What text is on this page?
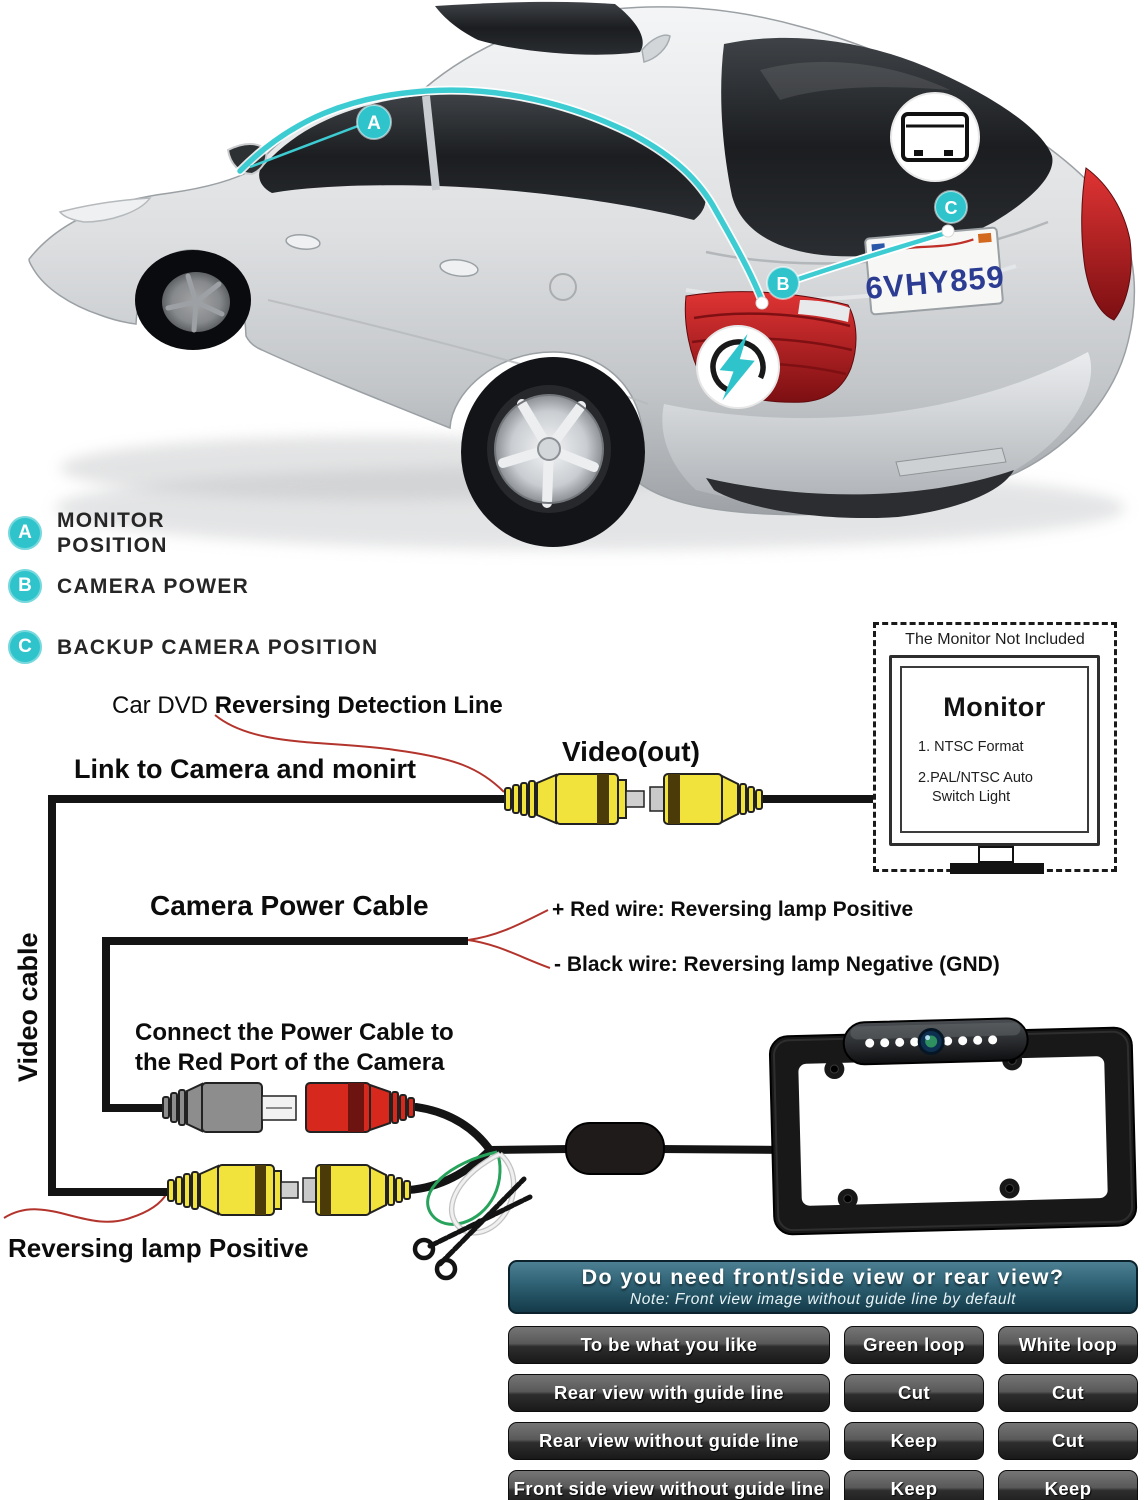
6VHY859
A
B
C
A
MONITOR
POSITION
B CAMERA POWER
C BACKUP CAMERA POSITION
Car DVD Reversing Detection Line
Link to Camera and monirt
Video(out)
Video cable
Camera Power Cable	+ Red wire: Reversing lamp Positive
- Black wire: Reversing lamp Negative (GND)
Connect the Power Cable to
the Red Port of the Camera
Reversing lamp Positive
The Monitor Not Included
Monitor
1. NTSC Format
2.PAL/NTSC Auto
Switch Light
Do you need front/side view or rear view?
Note: Front view image without guide line by default
To be what you like	Green loop	White loop
Rear view with guide line	Cut	Cut
Rear view without guide line	Keep	Cut
Front side view without guide line	Keep	Keep
